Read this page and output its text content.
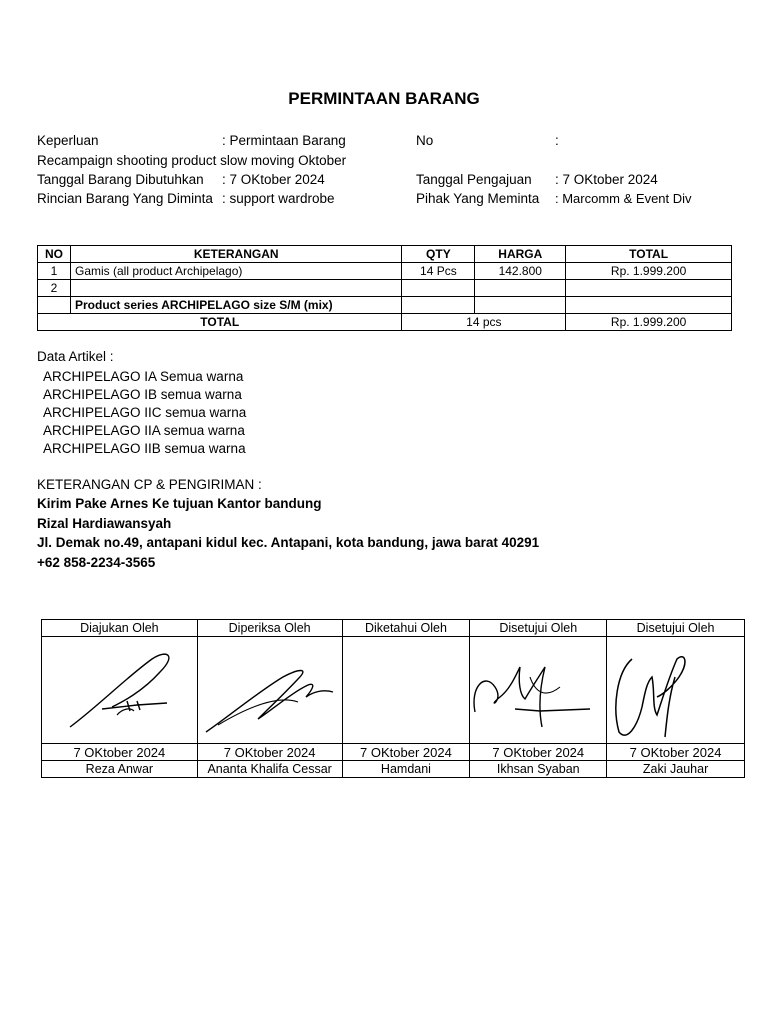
PERMINTAAN BARANG
Keperluan	: Permintaan Barang	No	:
Recampaign shooting product slow moving Oktober
Tanggal Barang Dibutuhkan : 7 OKtober 2024	Tanggal Pengajuan : 7 OKtober 2024
Rincian Barang Yang Diminta : support wardrobe	Pihak Yang Meminta : Marcomm & Event Div
NO	KETERANGAN	QTY	HARGA	TOTAL
1	Gamis (all product Archipelago)	14 Pcs	142.800	Rp. 1.999.200
2				
	Product series ARCHIPELAGO size S/M (mix)			
TOTAL		14 pcs		Rp. 1.999.200
Data Artikel :
ARCHIPELAGO IA Semua warna
ARCHIPELAGO IB semua warna
ARCHIPELAGO IIC semua warna
ARCHIPELAGO IIA semua warna
ARCHIPELAGO IIB semua warna
KETERANGAN CP & PENGIRIMAN :
Kirim Pake Arnes Ke tujuan Kantor bandung
Rizal Hardiawansyah
Jl. Demak no.49, antapani kidul kec. Antapani, kota bandung, jawa barat 40291
+62 858-2234-3565
Diajukan Oleh	Diperiksa Oleh	Diketahui Oleh	Disetujui Oleh	Disetujui Oleh

7 OKtober 2024	7 OKtober 2024	7 OKtober 2024	7 OKtober 2024	7 OKtober 2024
Reza Anwar	Ananta Khalifa Cessar	Hamdani	Ikhsan Syaban	Zaki Jauhar
